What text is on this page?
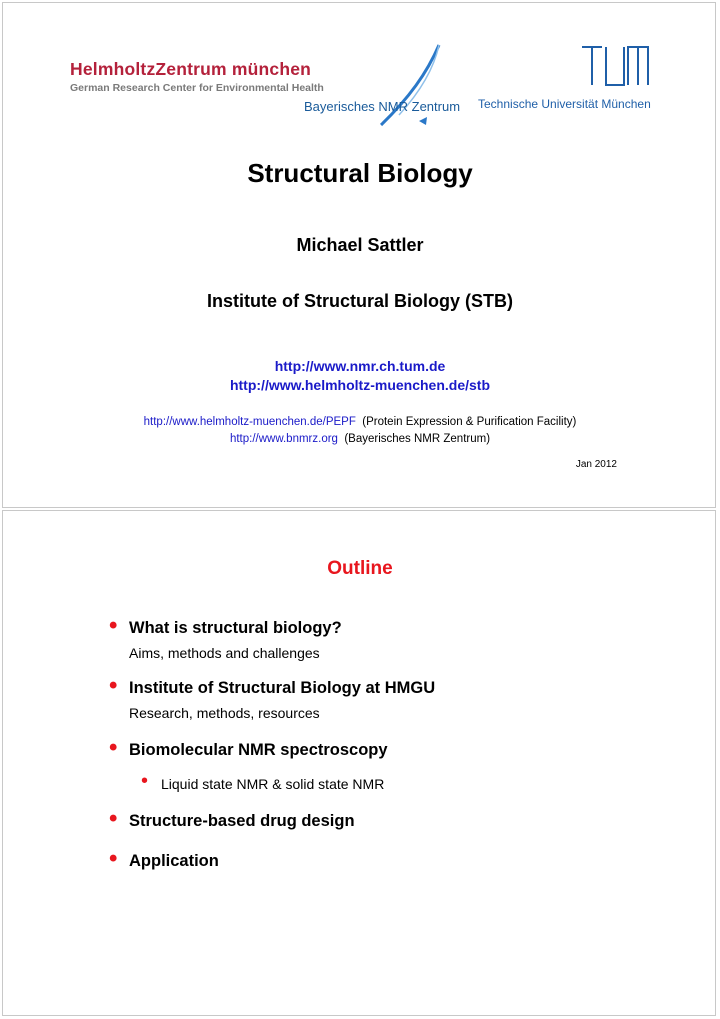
HelmholtzZentrum münchen
German Research Center for Environmental Health
Bayerisches NMR Zentrum Technische Universität München
Structural Biology
Michael Sattler
Institute of Structural Biology (STB)
http://www.nmr.ch.tum.de
http://www.helmholtz-muenchen.de/stb
http://www.helmholtz-muenchen.de/PEPF (Protein Expression & Purification Facility)
http://www.bnmrz.org (Bayerisches NMR Zentrum)
Jan 2012
Outline
• What is structural biology?
Aims, methods and challenges
• Institute of Structural Biology at HMGU
Research, methods, resources
• Biomolecular NMR spectroscopy
• Liquid state NMR & solid state NMR
• Structure-based drug design
• Application
